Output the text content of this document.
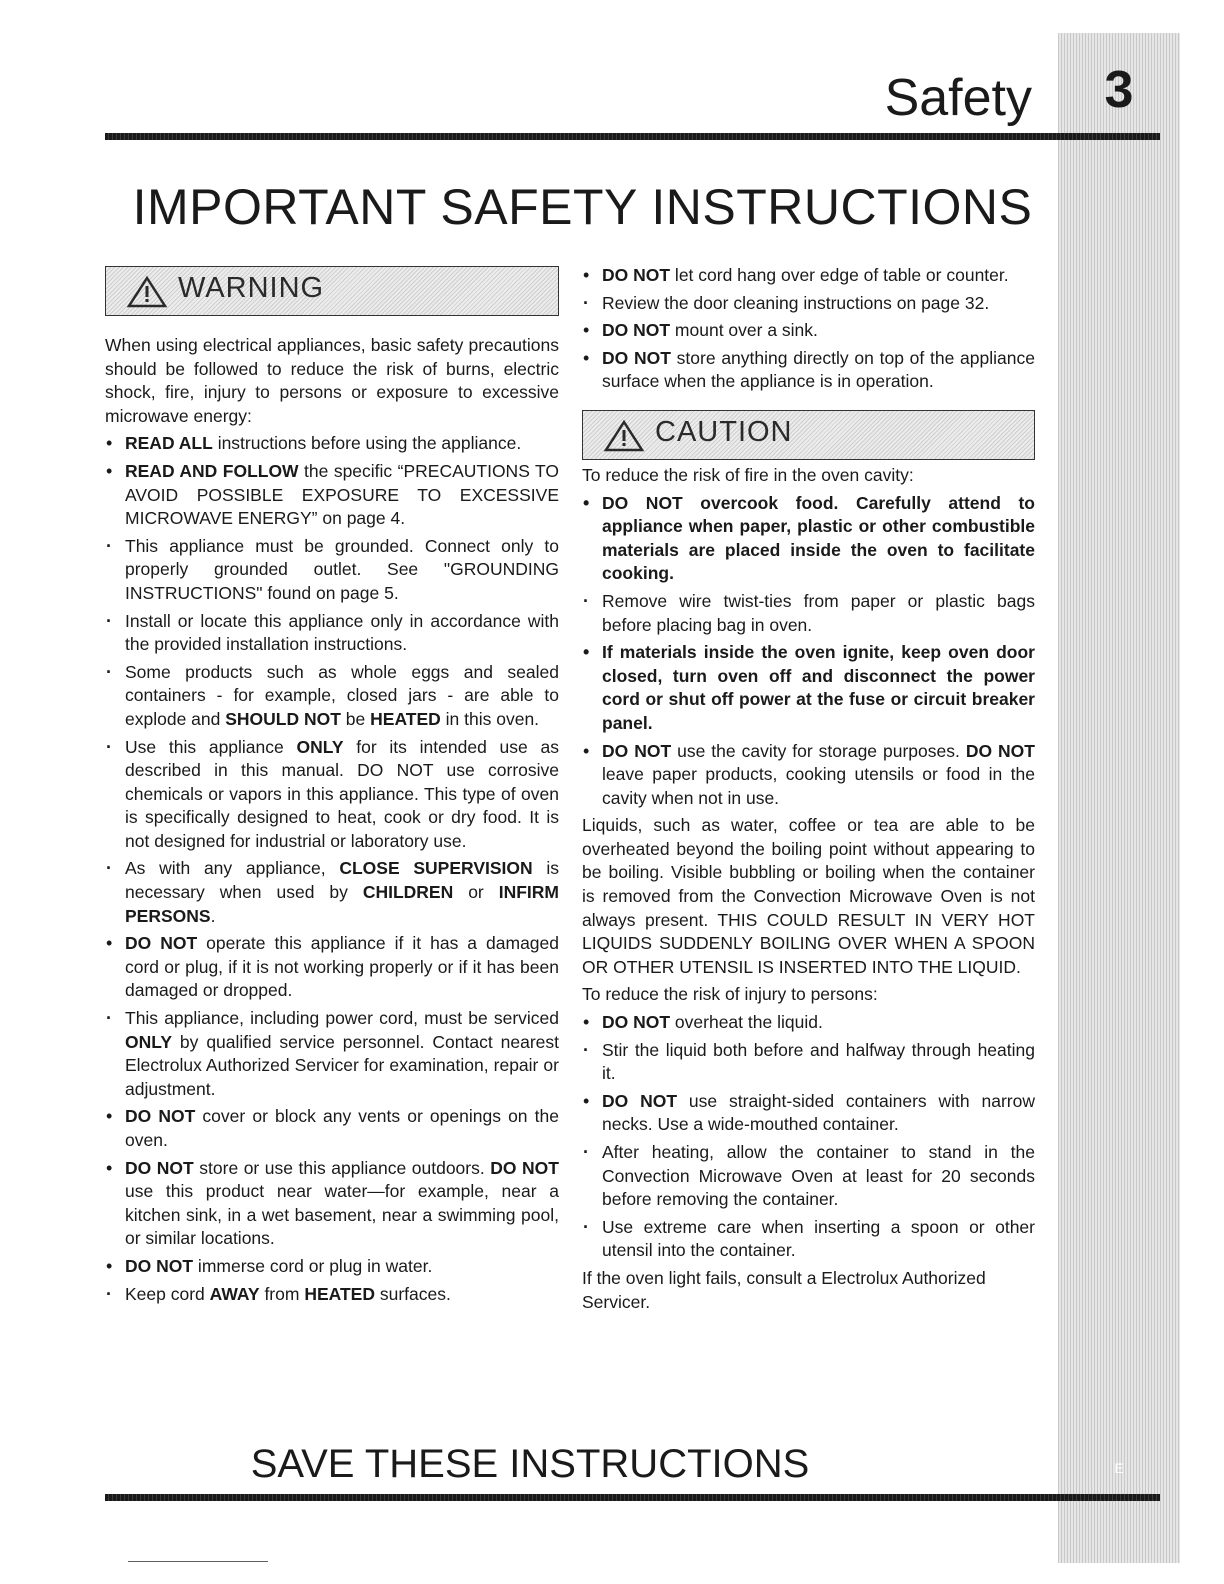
3
E
Safety
IMPORTANT SAFETY INSTRUCTIONS
WARNING

When using electrical appliances, basic safety precautions should be followed to reduce the risk of burns, electric shock, fire, injury to persons or exposure to excessive microwave energy:

• READ ALL instructions before using the appliance.
• READ AND FOLLOW the specific “PRECAUTIONS TO AVOID POSSIBLE EXPOSURE TO EXCESSIVE MICROWAVE ENERGY” on page 4.
· This appliance must be grounded. Connect only to properly grounded outlet. See "GROUNDING INSTRUCTIONS" found on page 5.
· Install or locate this appliance only in accordance with the provided installation instructions.
· Some products such as whole eggs and sealed containers - for example, closed jars - are able to explode and SHOULD NOT be HEATED in this oven.
· Use this appliance ONLY for its intended use as described in this manual. DO NOT use corrosive chemicals or vapors in this appliance. This type of oven is specifically designed to heat, cook or dry food. It is not designed for industrial or laboratory use.
· As with any appliance, CLOSE SUPERVISION is necessary when used by CHILDREN or INFIRM PERSONS.
• DO NOT operate this appliance if it has a damaged cord or plug, if it is not working properly or if it has been damaged or dropped.
· This appliance, including power cord, must be serviced ONLY by qualified service personnel. Contact nearest Electrolux Authorized Servicer for examination, repair or adjustment.
• DO NOT cover or block any vents or openings on the oven.
• DO NOT store or use this appliance outdoors. DO NOT use this product near water—for example, near a kitchen sink, in a wet basement, near a swimming pool, or similar locations.
• DO NOT immerse cord or plug in water.
· Keep cord AWAY from HEATED surfaces.
• DO NOT let cord hang over edge of table or counter.
· Review the door cleaning instructions on page 32.
• DO NOT mount over a sink.
• DO NOT store anything directly on top of the appliance surface when the appliance is in operation.
CAUTION

To reduce the risk of fire in the oven cavity:

• DO NOT overcook food. Carefully attend to appliance when paper, plastic or other combustible materials are placed inside the oven to facilitate cooking.
· Remove wire twist-ties from paper or plastic bags before placing bag in oven.
• If materials inside the oven ignite, keep oven door closed, turn oven off and disconnect the power cord or shut off power at the fuse or circuit breaker panel.
• DO NOT use the cavity for storage purposes. DO NOT leave paper products, cooking utensils or food in the cavity when not in use.

Liquids, such as water, coffee or tea are able to be overheated beyond the boiling point without appearing to be boiling. Visible bubbling or boiling when the container is removed from the Convection Microwave Oven is not always present. THIS COULD RESULT IN VERY HOT LIQUIDS SUDDENLY BOILING OVER WHEN A SPOON OR OTHER UTENSIL IS INSERTED INTO THE LIQUID.

To reduce the risk of injury to persons:

• DO NOT overheat the liquid.
· Stir the liquid both before and halfway through heating it.
• DO NOT use straight-sided containers with narrow necks. Use a wide-mouthed container.
· After heating, allow the container to stand in the Convection Microwave Oven at least for 20 seconds before removing the container.
· Use extreme care when inserting a spoon or other utensil into the container.

If the oven light fails, consult a Electrolux Authorized Servicer.

SAVE THESE INSTRUCTIONS
